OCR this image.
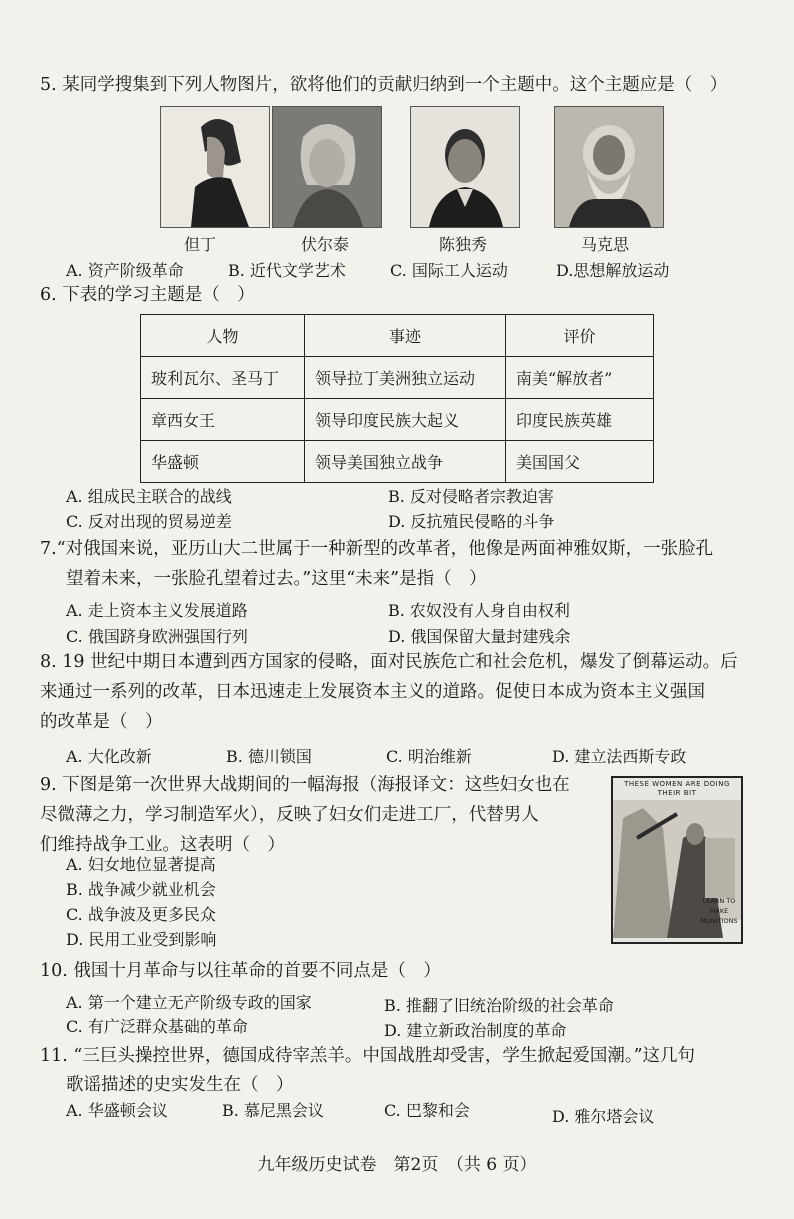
5. 某同学搜集到下列人物图片，欲将他们的贡献归纳到一个主题中。这个主题应是（　）
但丁	伏尔泰	陈独秀	马克思
A. 资产阶级革命	B. 近代文学艺术	C. 国际工人运动	D.思想解放运动
6. 下表的学习主题是（　）
人物	事迹	评价
玻利瓦尔、圣马丁	领导拉丁美洲独立运动	南美“解放者”
章西女王	领导印度民族大起义	印度民族英雄
华盛顿	领导美国独立战争	美国国父
A. 组成民主联合的战线	B. 反对侵略者宗教迫害
C. 反对出现的贸易逆差	D. 反抗殖民侵略的斗争
7.“对俄国来说，亚历山大二世属于一种新型的改革者，他像是两面神雅奴斯，一张脸孔
望着未来，一张脸孔望着过去。”这里“未来”是指（　）
A. 走上资本主义发展道路	B. 农奴没有人身自由权利
C. 俄国跻身欧洲强国行列	D. 俄国保留大量封建残余
8. 19 世纪中期日本遭到西方国家的侵略，面对民族危亡和社会危机，爆发了倒幕运动。后
来通过一系列的改革，日本迅速走上发展资本主义的道路。促使日本成为资本主义强国
的改革是（　）
A. 大化改新	B. 德川锁国	C. 明治维新	D. 建立法西斯专政
9. 下图是第一次世界大战期间的一幅海报（海报译文：这些妇女也在
尽微薄之力，学习制造军火），反映了妇女们走进工厂，代替男人
们维持战争工业。这表明（　）
A. 妇女地位显著提高
B. 战争减少就业机会
C. 战争波及更多民众
D. 民用工业受到影响
THESE WOMEN ARE DOING THEIR BIT
LEARN TO MAKE MUNITIONS
10. 俄国十月革命与以往革命的首要不同点是（　）
A. 第一个建立无产阶级专政的国家	B. 推翻了旧统治阶级的社会革命
C. 有广泛群众基础的革命	D. 建立新政治制度的革命
11. “三巨头操控世界，德国成待宰羔羊。中国战胜却受害，学生掀起爱国潮。”这几句
歌谣描述的史实发生在（　）
A. 华盛顿会议	B. 慕尼黑会议	C. 巴黎和会	D. 雅尔塔会议
九年级历史试卷　第2页　（共 6 页）
